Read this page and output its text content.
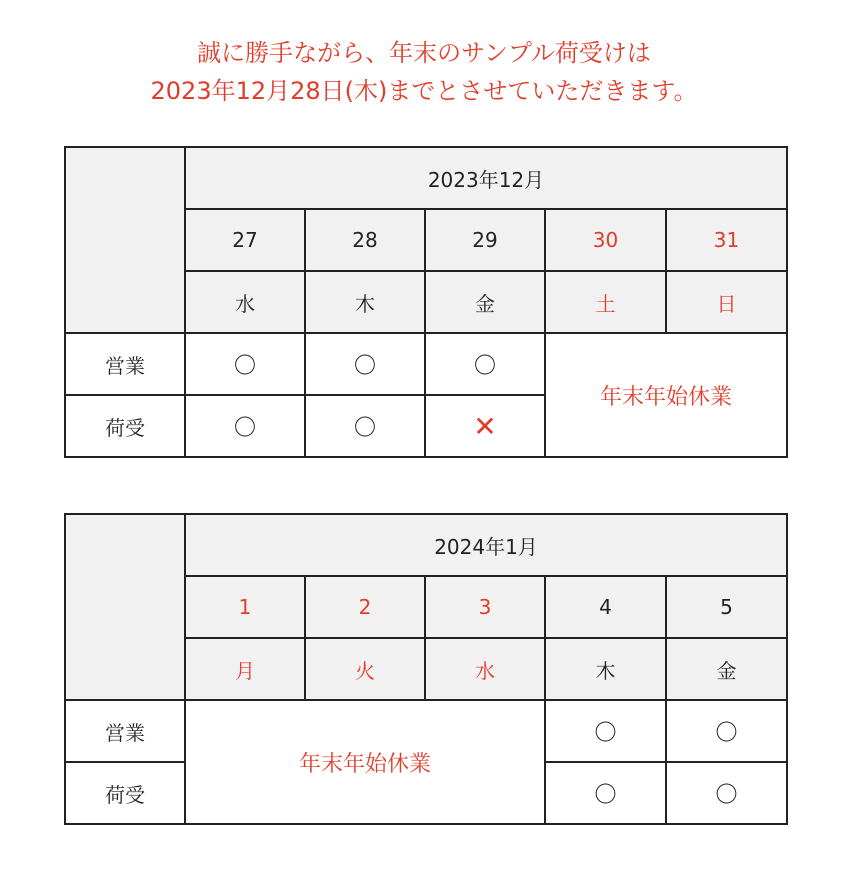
誠に勝手ながら、年末のサンプル荷受けは
2023年12月28日(木)までとさせていただきます。
	2023年12月				
	27	28	29	30	31
	水	木	金	土	日
営業	〇	〇	〇	年末年始休業	
荷受	〇	〇	✕		
	2024年1月				
	1	2	3	4	5
	月	火	水	木	金
営業	年末年始休業			〇	〇
荷受				〇	〇
